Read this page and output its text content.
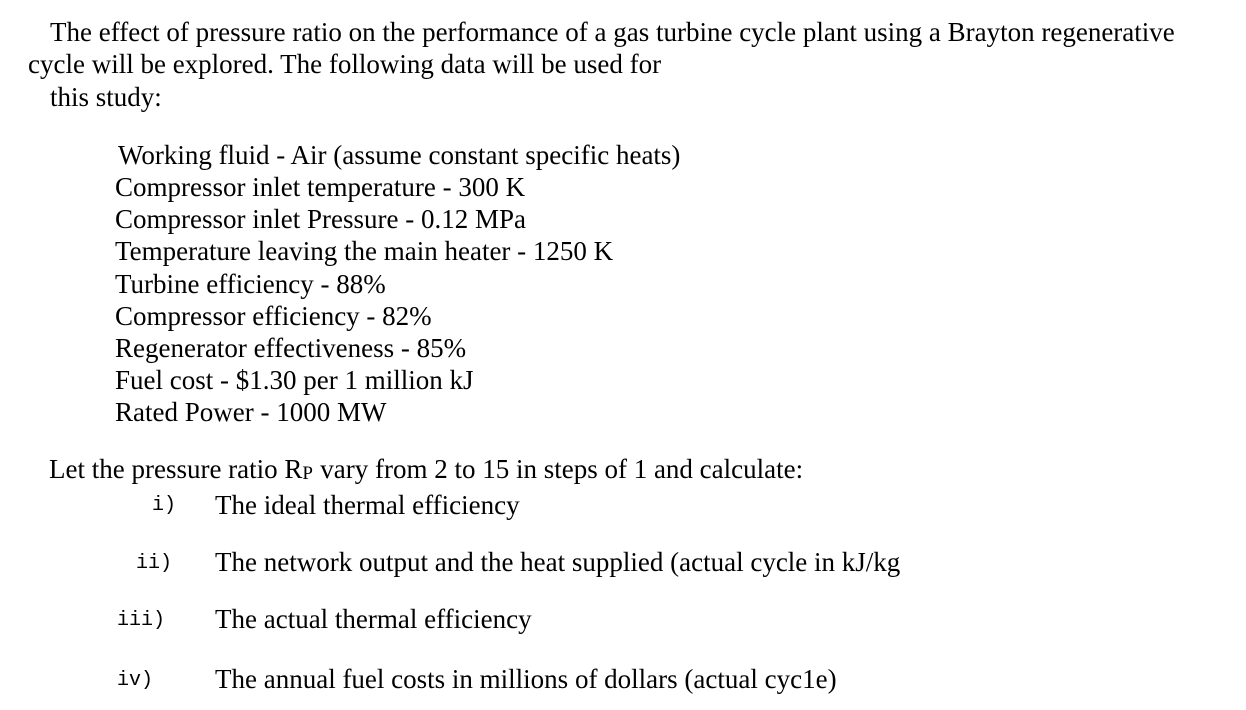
The effect of pressure ratio on the performance of a gas turbine cycle plant using a Brayton regenerative
cycle will be explored. The following data will be used for
this study:
Working fluid - Air (assume constant specific heats)
Compressor inlet temperature - 300 K
Compressor inlet Pressure - 0.12 MPa
Temperature leaving the main heater - 1250 K
Turbine efficiency - 88%
Compressor efficiency - 82%
Regenerator effectiveness - 85%
Fuel cost - $1.30 per 1 million kJ
Rated Power - 1000 MW
Let the pressure ratio RP vary from 2 to 15 in steps of 1 and calculate:
i) The ideal thermal efficiency
ii) The network output and the heat supplied (actual cycle in kJ/kg
iii) The actual thermal efficiency
iv) The annual fuel costs in millions of dollars (actual cyc1e)
